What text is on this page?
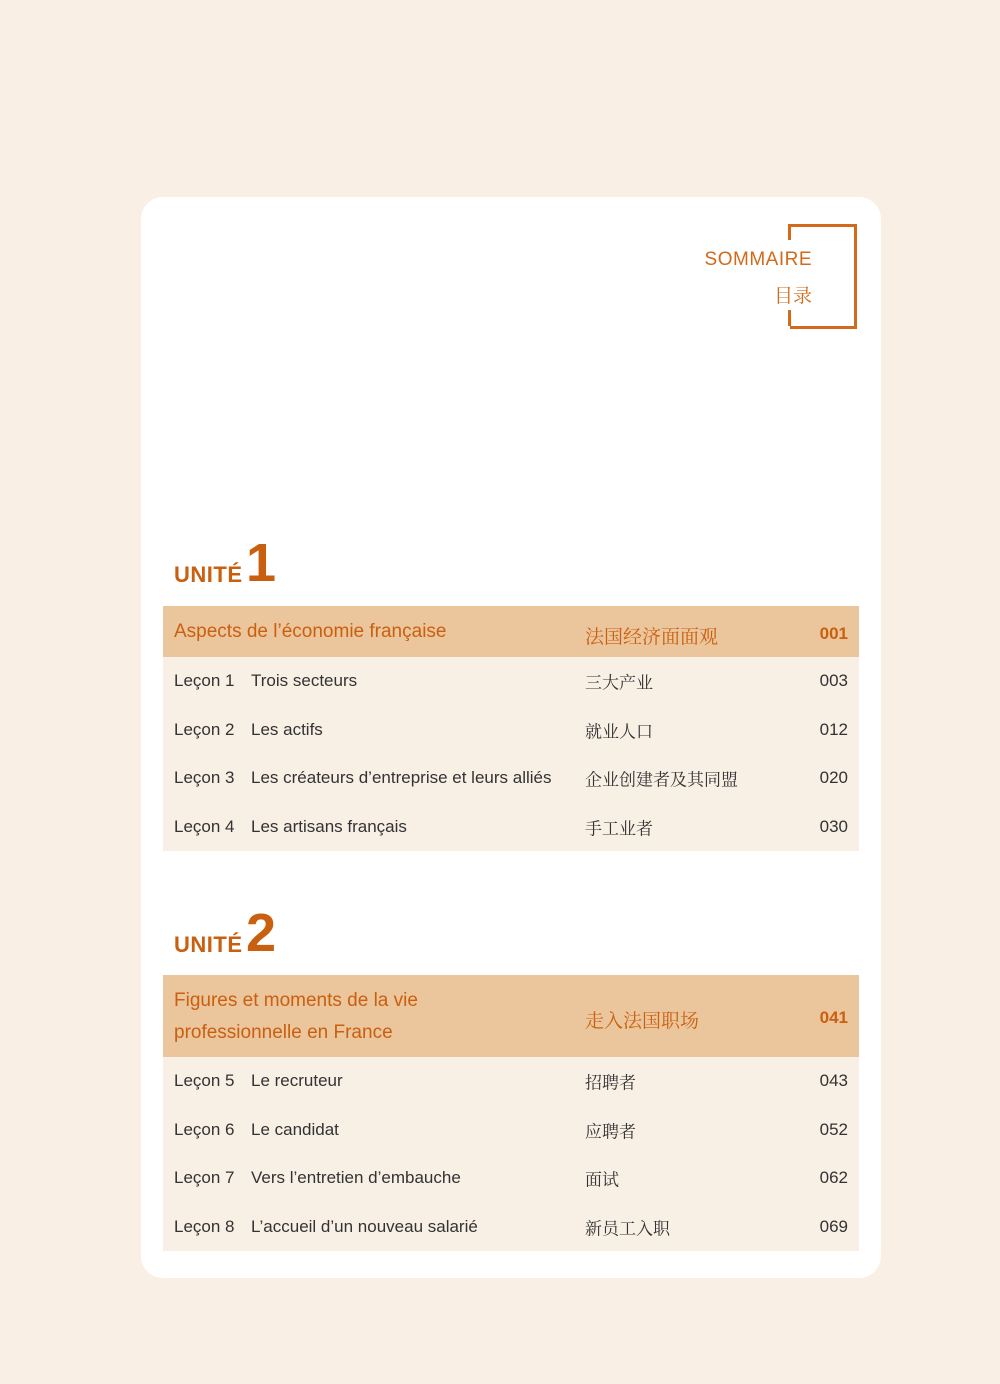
SOMMAIRE
目录
UNITÉ 1
Aspects de l’économie française	法国经济面面观	001
Leçon 1 Trois secteurs	三大产业	003
Leçon 2 Les actifs	就业人口	012
Leçon 3 Les créateurs d’entreprise et leurs alliés 企业创建者及其同盟	020
Leçon 4 Les artisans français	手工业者	030
UNITÉ 2
Figures et moments de la vie
professionnelle en France
走入法国职场	041
Leçon 5 Le recruteur	招聘者	043
Leçon 6 Le candidat	应聘者	052
Leçon 7 Vers l’entretien d’embauche	面试	062
Leçon 8 L’accueil d’un nouveau salarié	新员工入职	069
